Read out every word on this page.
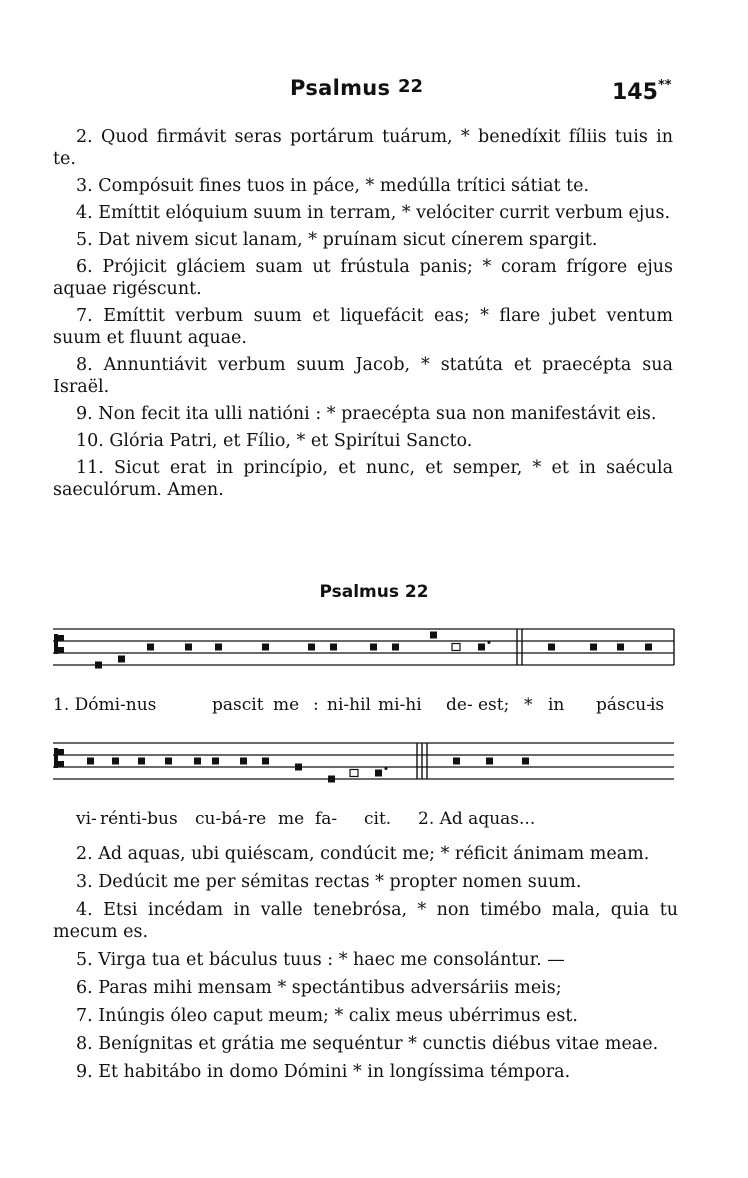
Psalmus 22	145**

2. Quod firmávit seras portárum tuárum, * benedíxit fíliis tuis in te.

3. Compósuit fines tuos in páce, * medúlla trítici sátiat te.

4. Emíttit elóquium suum in terram, * velóciter currit verbum ejus.

5. Dat nivem sicut lanam, * pruínam sicut cínerem spargit.

6. Prójicit gláciem suam ut frústula panis; * coram frígore ejus aquae rigéscunt.

7. Emíttit verbum suum et liquefácit eas; * flare jubet ventum suum et fluunt aquae.

8. Annuntiávit verbum suum Jacob, * statúta et praecépta sua Israël.

9. Non fecit ita ulli natióni : * praecépta sua non manifestávit eis.

10. Glória Patri, et Fílio, * et Spirítui Sancto.

11. Sicut erat in princípio, et nunc, et semper, * et in saécula saeculórum. Amen.

Psalmus 22
1. Dómi-nus	pascit me : ni-hil mi-hi de- est; * in páscu-
is
vi- rénti-bus cu-bá-re me fa- cit. 2. Ad aquas...

2. Ad aquas, ubi quiéscam, condúcit me; * réficit ánimam meam.

3. Dedúcit me per sémitas rectas * propter nomen suum.

4. Etsi incédam in valle tenebrósa, * non timébo mala, quia tu mecum es.

5. Virga tua et báculus tuus : * haec me consolántur. —

6. Paras mihi mensam * spectántibus adversáriis meis;

7. Inúngis óleo caput meum; * calix meus ubérrimus est.

8. Benígnitas et grátia me sequéntur * cunctis diébus vitae meae.

9. Et habitábo in domo Dómini * in longíssima témpora.
